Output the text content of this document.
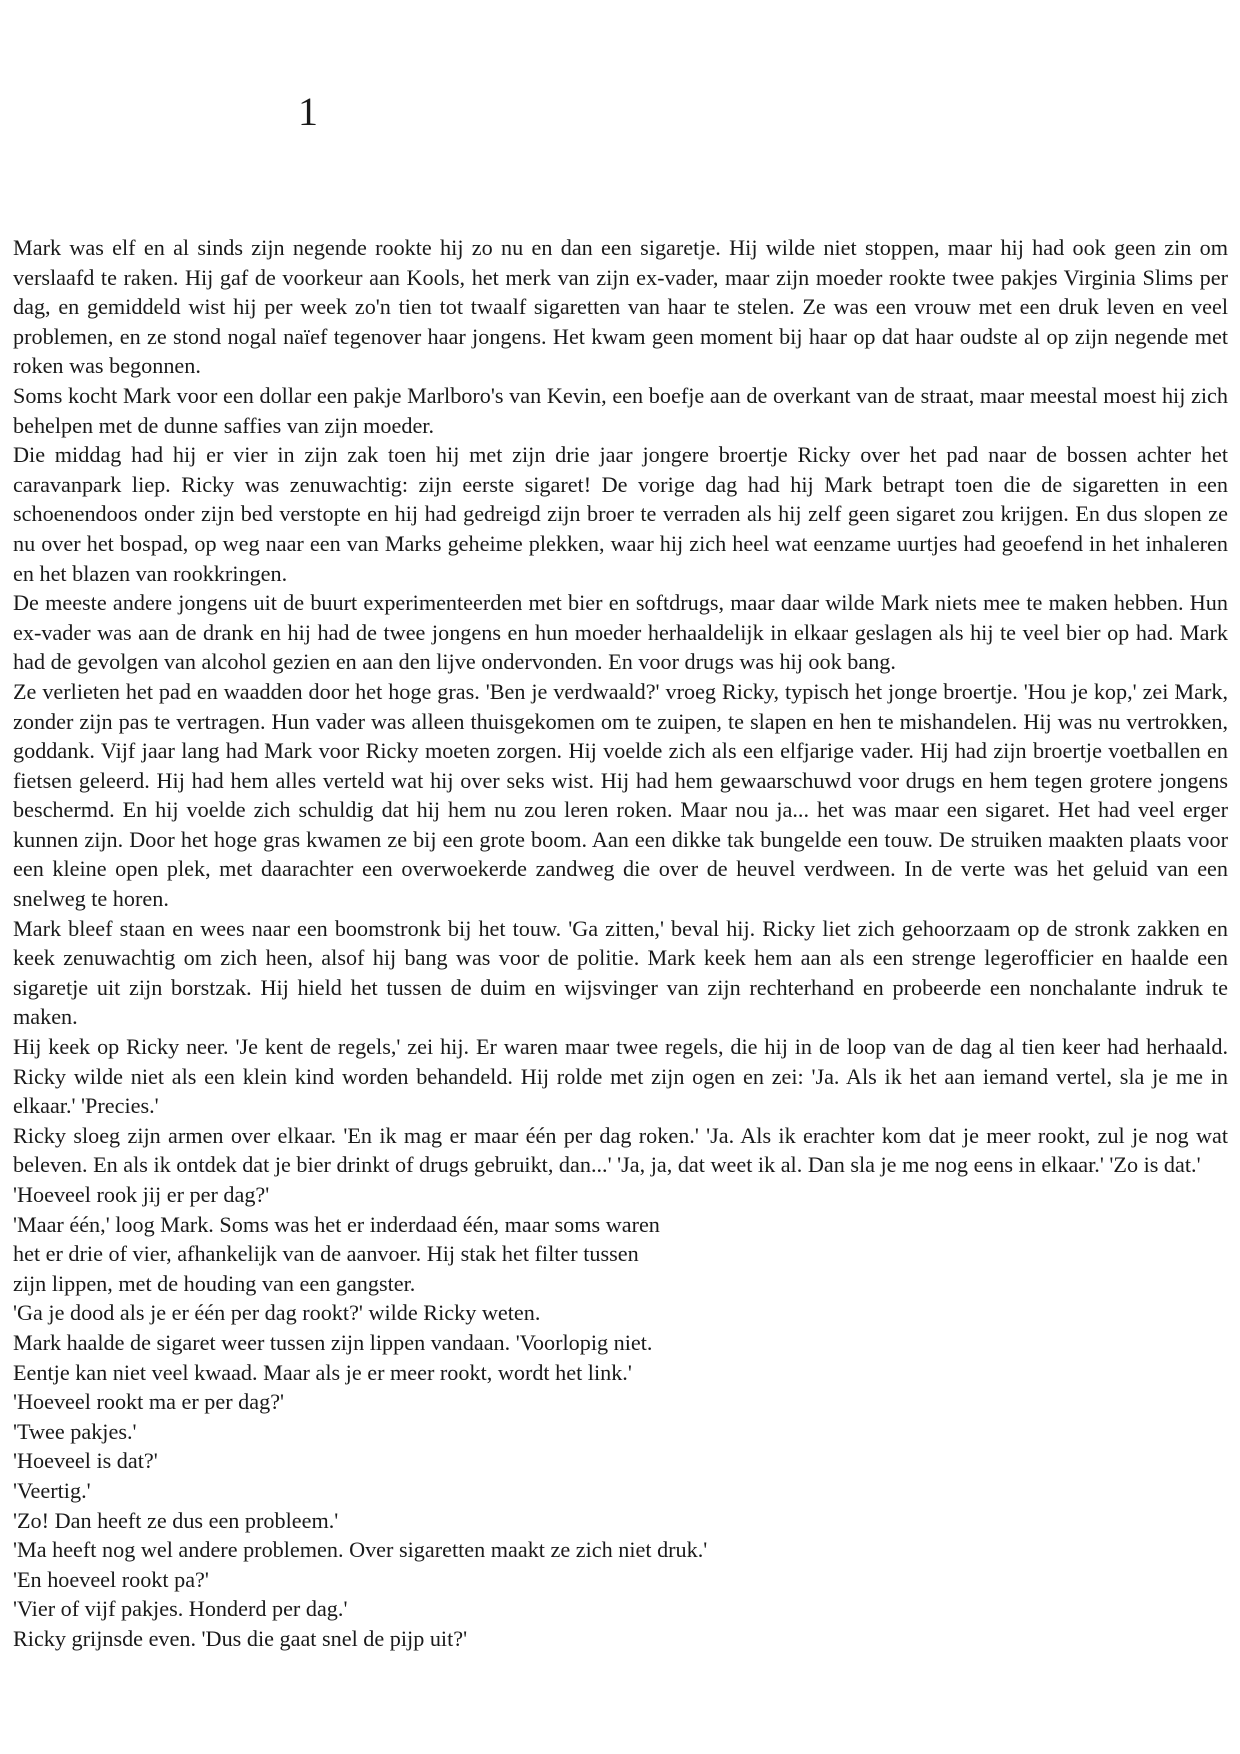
1

Mark was elf en al sinds zijn negende rookte hij zo nu en dan een sigaretje. Hij wilde niet stoppen, maar hij had ook geen zin om verslaafd te raken. Hij gaf de voorkeur aan Kools, het merk van zijn ex-vader, maar zijn moeder rookte twee pakjes Virginia Slims per dag, en gemiddeld wist hij per week zo'n tien tot twaalf sigaretten van haar te stelen. Ze was een vrouw met een druk leven en veel problemen, en ze stond nogal naïef tegenover haar jongens. Het kwam geen moment bij haar op dat haar oudste al op zijn negende met roken was begonnen.

Soms kocht Mark voor een dollar een pakje Marlboro's van Kevin, een boefje aan de overkant van de straat, maar meestal moest hij zich behelpen met de dunne saffies van zijn moeder.

Die middag had hij er vier in zijn zak toen hij met zijn drie jaar jongere broertje Ricky over het pad naar de bossen achter het caravanpark liep. Ricky was zenuwachtig: zijn eerste sigaret! De vorige dag had hij Mark betrapt toen die de sigaretten in een schoenendoos onder zijn bed verstopte en hij had gedreigd zijn broer te verraden als hij zelf geen sigaret zou krijgen. En dus slopen ze nu over het bospad, op weg naar een van Marks geheime plekken, waar hij zich heel wat eenzame uurtjes had geoefend in het inhaleren en het blazen van rookkringen.

De meeste andere jongens uit de buurt experimenteerden met bier en softdrugs, maar daar wilde Mark niets mee te maken hebben. Hun ex-vader was aan de drank en hij had de twee jongens en hun moeder herhaaldelijk in elkaar geslagen als hij te veel bier op had. Mark had de gevolgen van alcohol gezien en aan den lijve ondervonden. En voor drugs was hij ook bang.

Ze verlieten het pad en waadden door het hoge gras. 'Ben je verdwaald?' vroeg Ricky, typisch het jonge broertje. 'Hou je kop,' zei Mark, zonder zijn pas te vertragen. Hun vader was alleen thuisgekomen om te zuipen, te slapen en hen te mishandelen. Hij was nu vertrokken, goddank. Vijf jaar lang had Mark voor Ricky moeten zorgen. Hij voelde zich als een elfjarige vader. Hij had zijn broertje voetballen en fietsen geleerd. Hij had hem alles verteld wat hij over seks wist. Hij had hem gewaarschuwd voor drugs en hem tegen grotere jongens beschermd. En hij voelde zich schuldig dat hij hem nu zou leren roken. Maar nou ja... het was maar een sigaret. Het had veel erger kunnen zijn. Door het hoge gras kwamen ze bij een grote boom. Aan een dikke tak bungelde een touw. De struiken maakten plaats voor een kleine open plek, met daarachter een overwoekerde zandweg die over de heuvel verdween. In de verte was het geluid van een snelweg te horen.

Mark bleef staan en wees naar een boomstronk bij het touw. 'Ga zitten,' beval hij. Ricky liet zich gehoorzaam op de stronk zakken en keek zenuwachtig om zich heen, alsof hij bang was voor de politie. Mark keek hem aan als een strenge legerofficier en haalde een sigaretje uit zijn borstzak. Hij hield het tussen de duim en wijsvinger van zijn rechterhand en probeerde een nonchalante indruk te maken.

Hij keek op Ricky neer. 'Je kent de regels,' zei hij. Er waren maar twee regels, die hij in de loop van de dag al tien keer had herhaald. Ricky wilde niet als een klein kind worden behandeld. Hij rolde met zijn ogen en zei: 'Ja. Als ik het aan iemand vertel, sla je me in elkaar.' 'Precies.'

Ricky sloeg zijn armen over elkaar. 'En ik mag er maar één per dag roken.' 'Ja. Als ik erachter kom dat je meer rookt, zul je nog wat beleven. En als ik ontdek dat je bier drinkt of drugs gebruikt, dan...' 'Ja, ja, dat weet ik al. Dan sla je me nog eens in elkaar.' 'Zo is dat.'

'Hoeveel rook jij er per dag?'

'Maar één,' loog Mark. Soms was het er inderdaad één, maar soms waren

het er drie of vier, afhankelijk van de aanvoer. Hij stak het filter tussen

zijn lippen, met de houding van een gangster.

'Ga je dood als je er één per dag rookt?' wilde Ricky weten.

Mark haalde de sigaret weer tussen zijn lippen vandaan. 'Voorlopig niet.

Eentje kan niet veel kwaad. Maar als je er meer rookt, wordt het link.'

'Hoeveel rookt ma er per dag?'

'Twee pakjes.'

'Hoeveel is dat?'

'Veertig.'

'Zo! Dan heeft ze dus een probleem.'

'Ma heeft nog wel andere problemen. Over sigaretten maakt ze zich niet druk.'

'En hoeveel rookt pa?'

'Vier of vijf pakjes. Honderd per dag.'

Ricky grijnsde even. 'Dus die gaat snel de pijp uit?'
